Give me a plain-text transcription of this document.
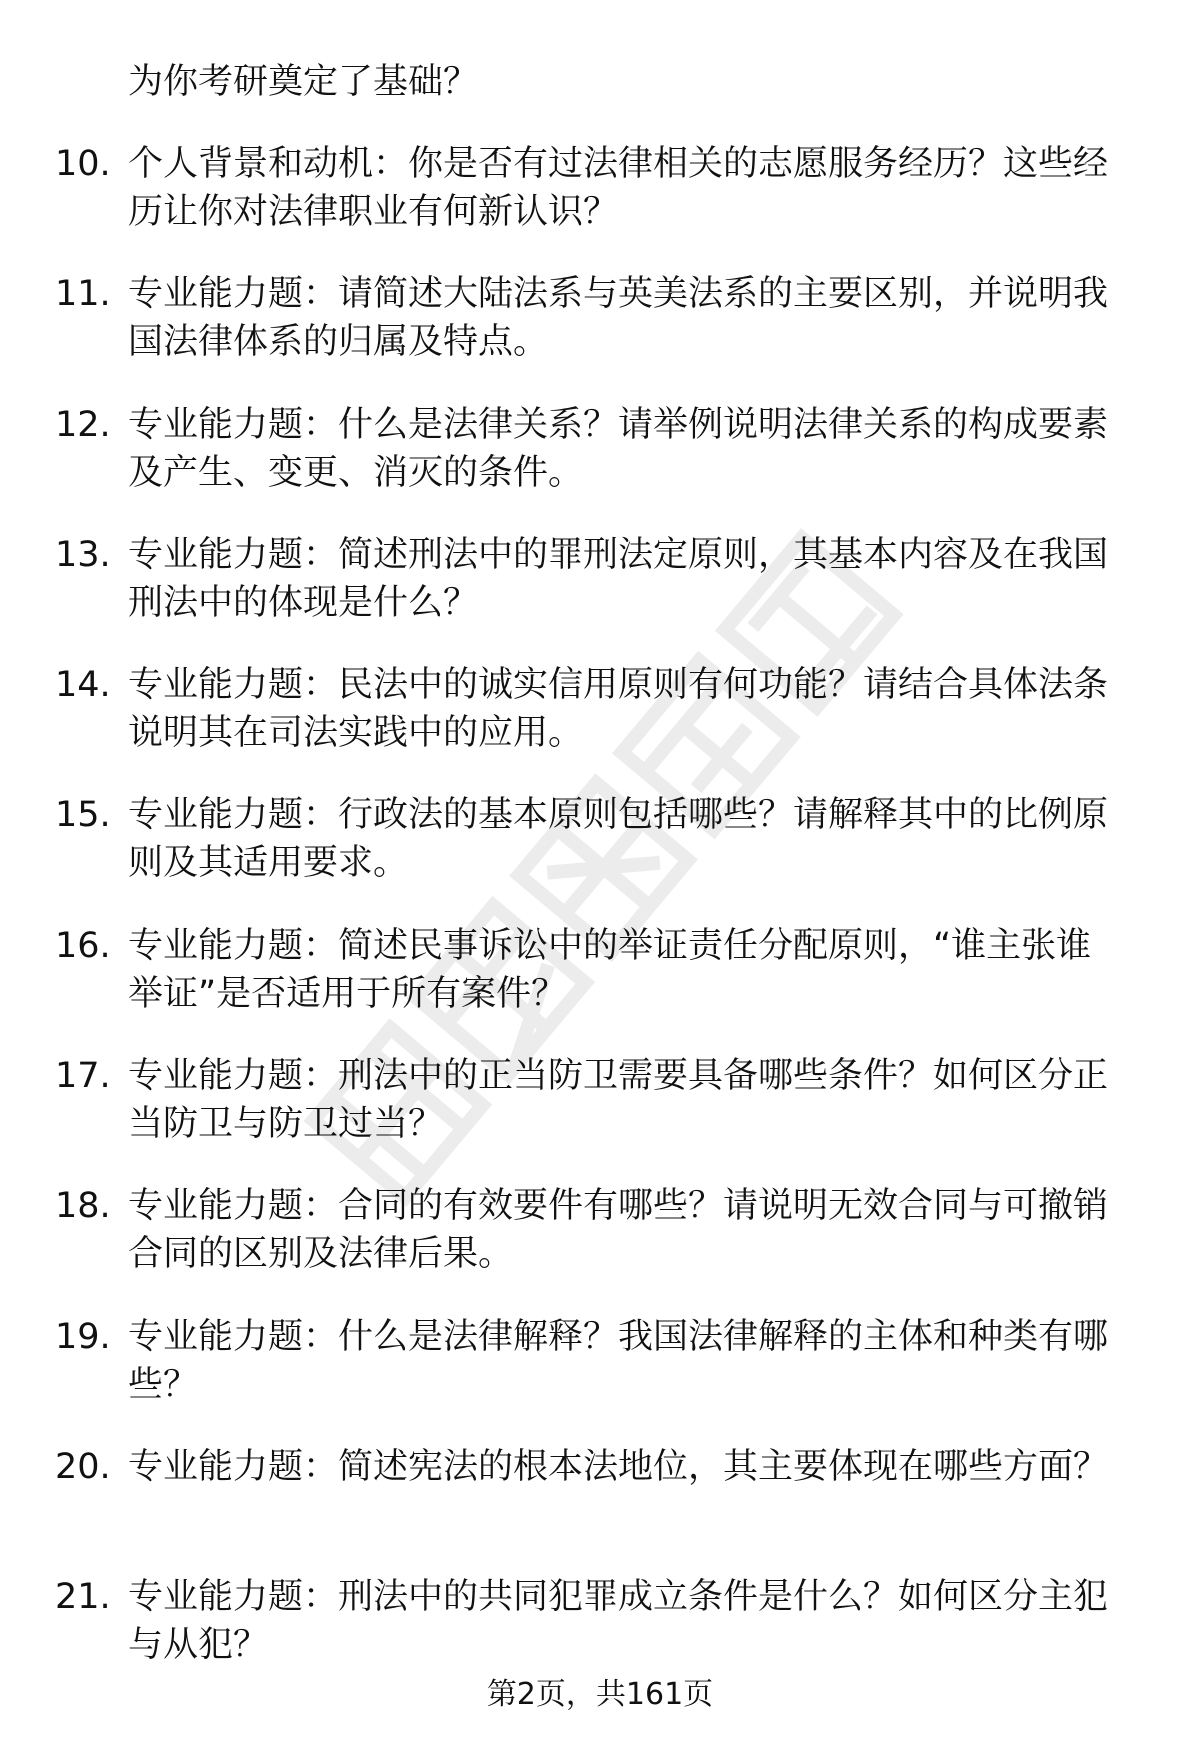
为你考研奠定了基础？
10. 个人背景和动机：你是否有过法律相关的志愿服务经历？这些经
历让你对法律职业有何新认识？
11. 专业能力题：请简述大陆法系与英美法系的主要区别，并说明我
国法律体系的归属及特点。
12. 专业能力题：什么是法律关系？请举例说明法律关系的构成要素
及产生、变更、消灭的条件。
13. 专业能力题：简述刑法中的罪刑法定原则，其基本内容及在我国
刑法中的体现是什么？
14. 专业能力题：民法中的诚实信用原则有何功能？请结合具体法条
说明其在司法实践中的应用。
15. 专业能力题：行政法的基本原则包括哪些？请解释其中的比例原
则及其适用要求。
16. 专业能力题：简述民事诉讼中的举证责任分配原则，“谁主张谁
举证”是否适用于所有案件？
17. 专业能力题：刑法中的正当防卫需要具备哪些条件？如何区分正
当防卫与防卫过当？
18. 专业能力题：合同的有效要件有哪些？请说明无效合同与可撤销
合同的区别及法律后果。
19. 专业能力题：什么是法律解释？我国法律解释的主体和种类有哪
些？
20. 专业能力题：简述宪法的根本法地位，其主要体现在哪些方面？
21. 专业能力题：刑法中的共同犯罪成立条件是什么？如何区分主犯
与从犯？
第2页，共161页
